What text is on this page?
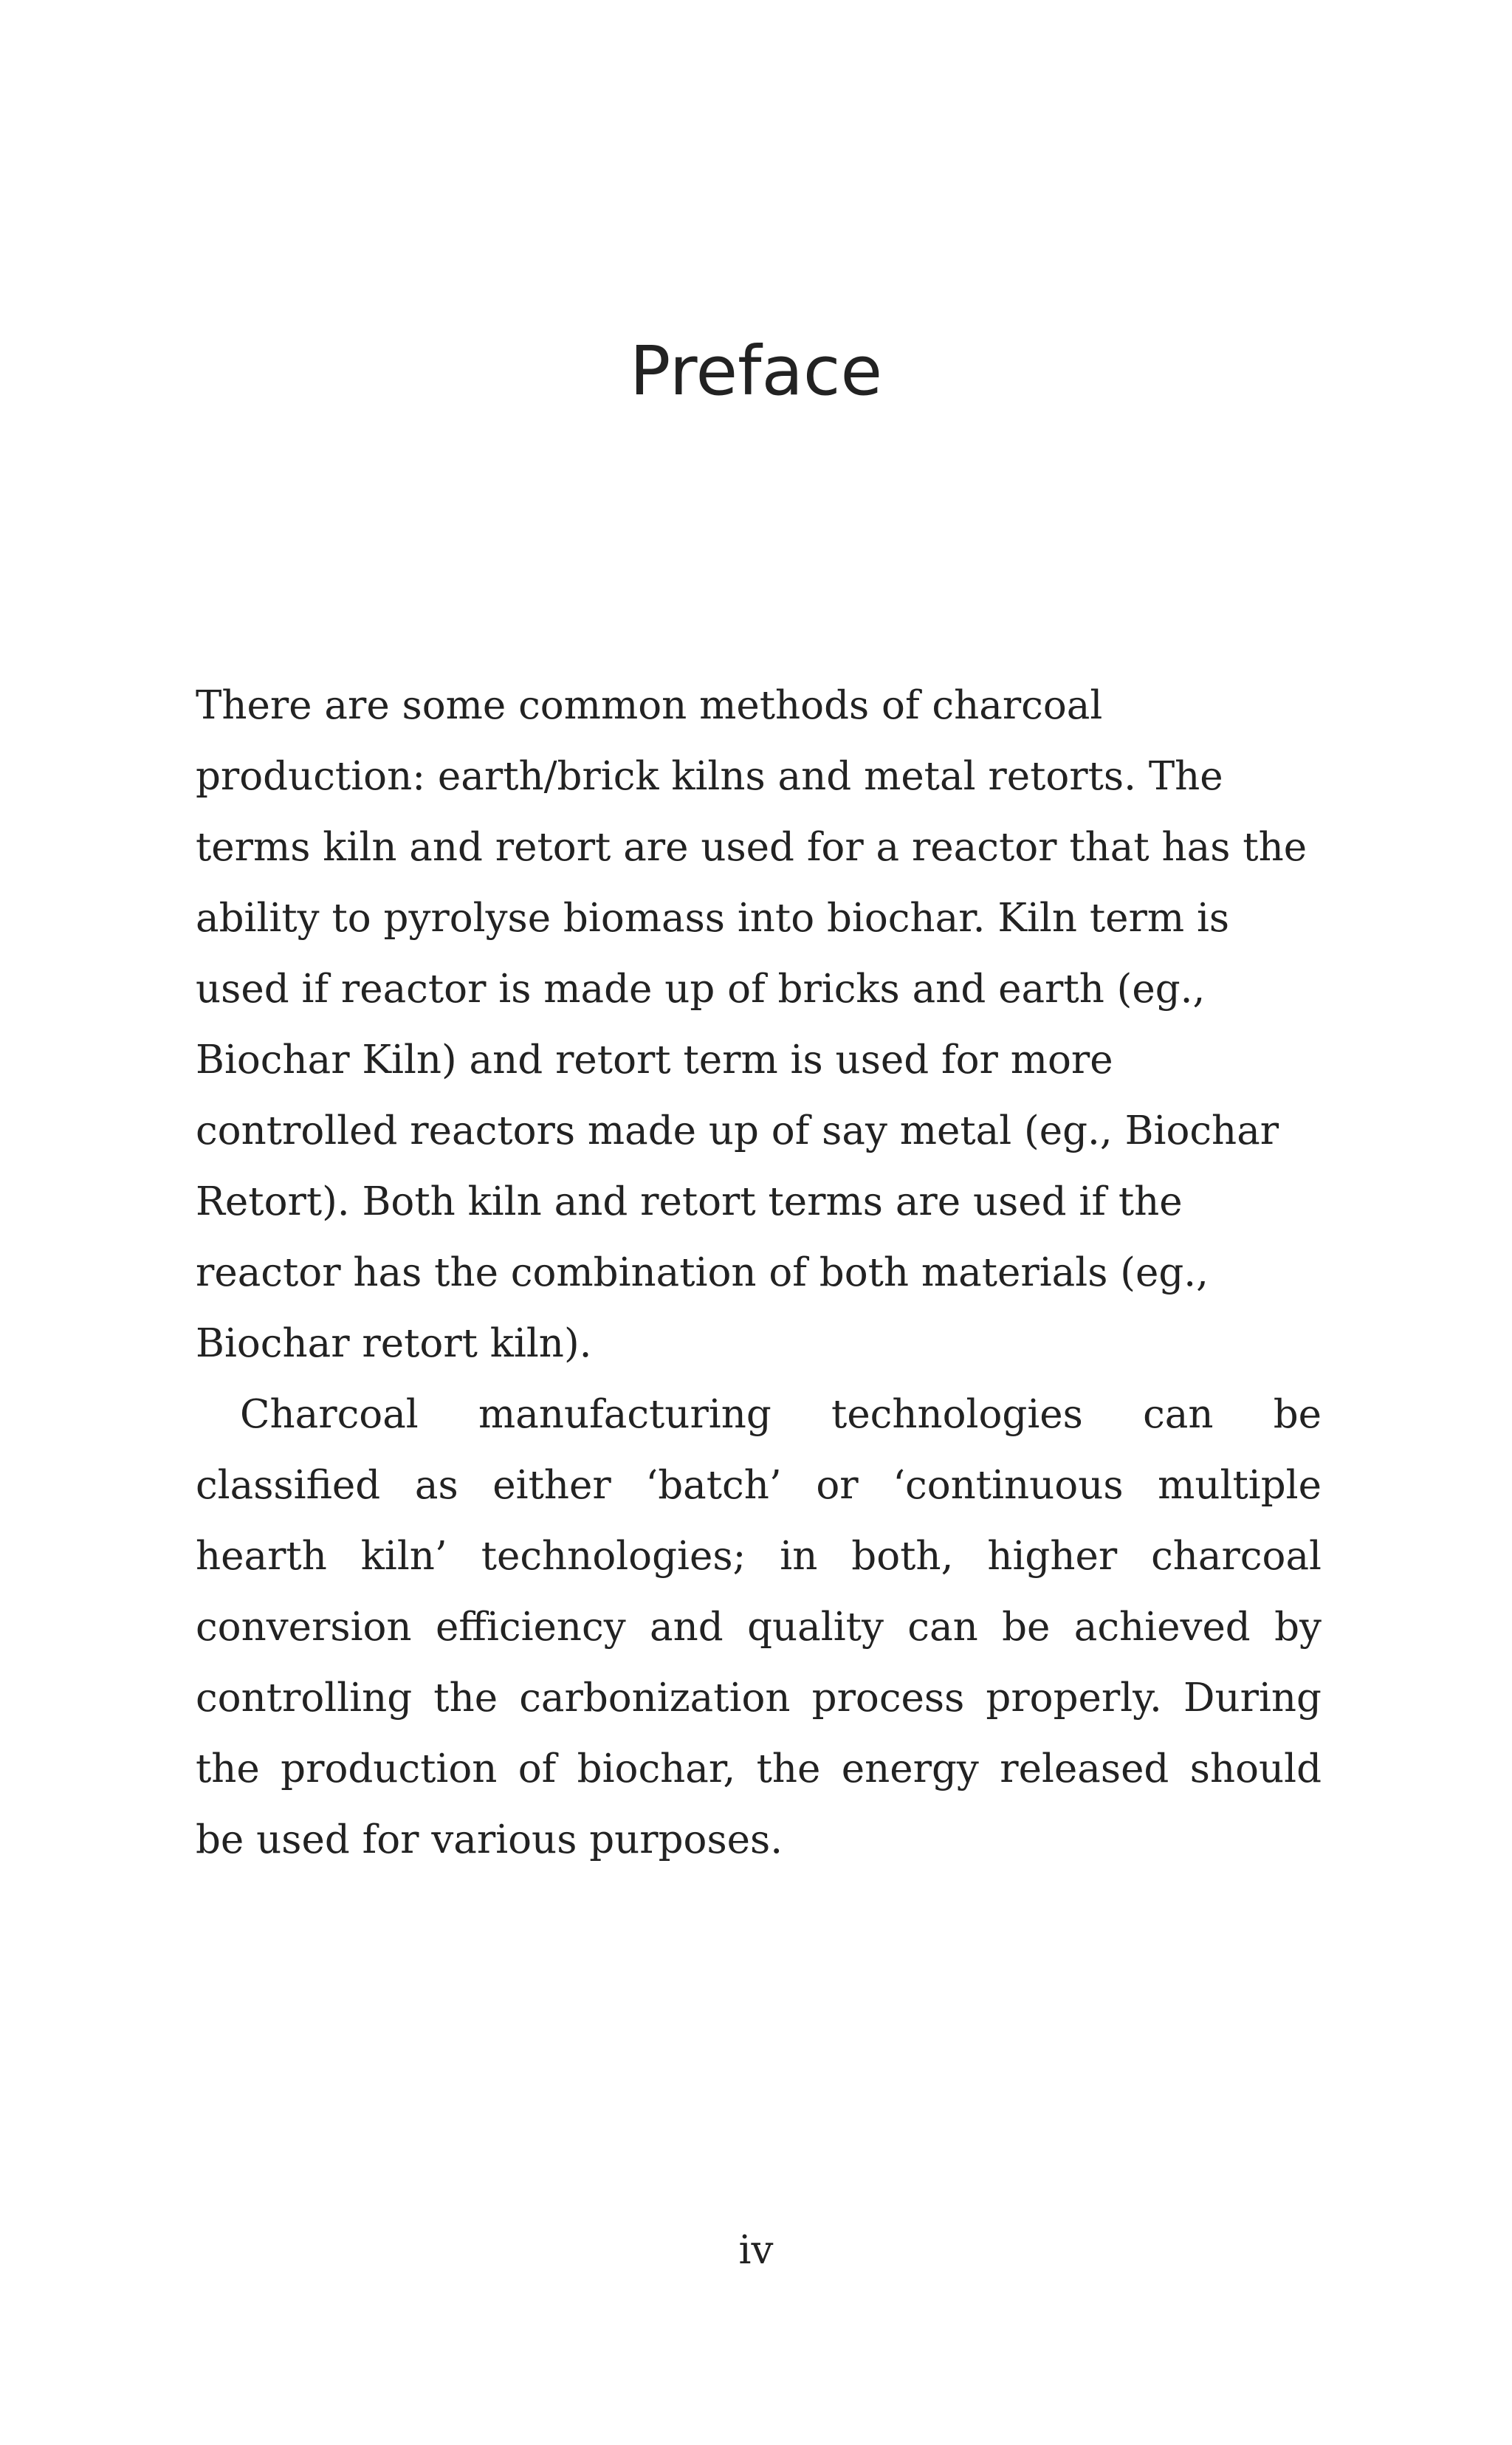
Preface

There are some common methods of charcoal production: earth/brick kilns and metal retorts. The terms kiln and retort are used for a reactor that has the ability to pyrolyse biomass into biochar. Kiln term is used if reactor is made up of bricks and earth (eg., Biochar Kiln) and retort term is used for more controlled reactors made up of say metal (eg., Biochar Retort). Both kiln and retort terms are used if the reactor has the combination of both materials (eg., Biochar retort kiln).

Charcoal manufacturing technologies can be classified as either ‘batch’ or ‘continuous multiple hearth kiln’ technologies; in both, higher charcoal conversion efficiency and quality can be achieved by controlling the carbonization process properly. During the production of biochar, the energy released should be used for various purposes.

iv
